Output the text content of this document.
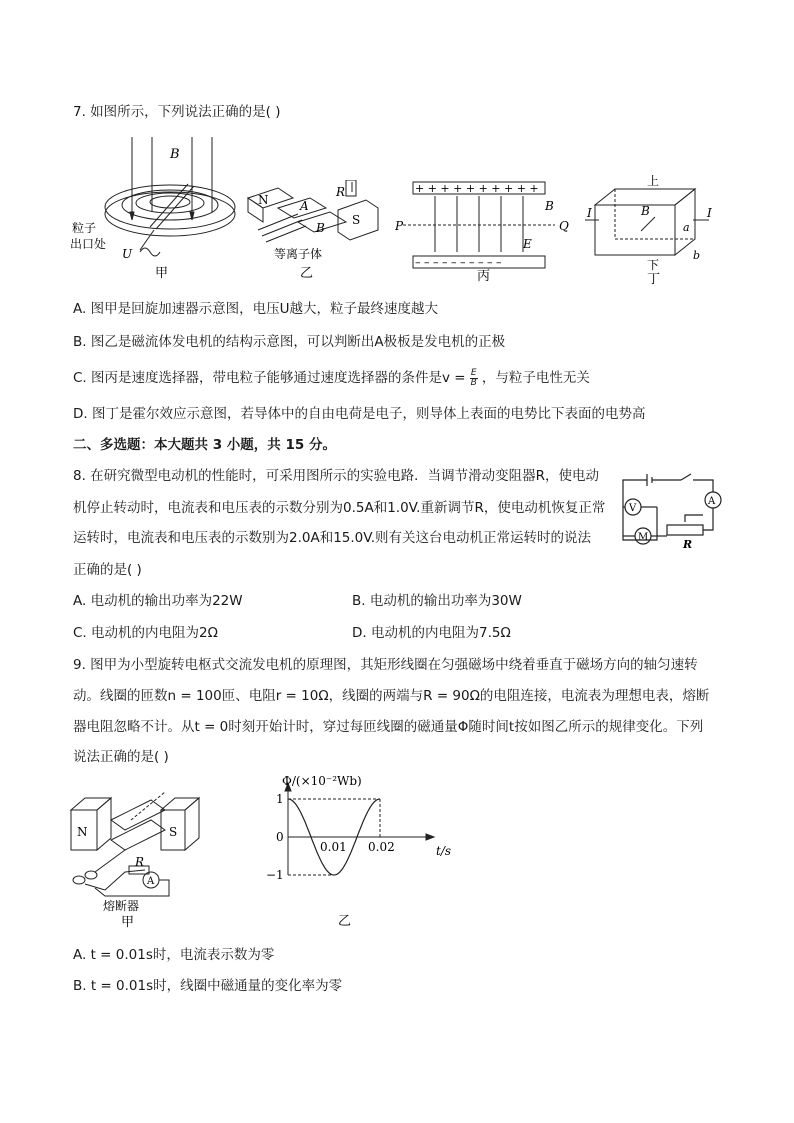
7. 如图所示，下列说法正确的是( )
B
粒子
出口处
U
甲
N	A
R
S
B
等离子体
乙
+ + + + + + + + + +
– – – – – – – – – –
P	Q
B
E
丙
上
I	I
B
a
b
下
丁
A. 图甲是回旋加速器示意图，电压U越大，粒子最终速度越大
B. 图乙是磁流体发电机的结构示意图，可以判断出A极板是发电机的正极
C. 图丙是速度选择器，带电粒子能够通过速度选择器的条件是$v = \frac{E}{B}$ ，与粒子电性无关
D. 图丁是霍尔效应示意图，若导体中的自由电荷是电子，则导体上表面的电势比下表面的电势高
二、多选题：本大题共 3 小题，共 15 分。
8. 在研究微型电动机的性能时，可采用图所示的实验电路．当调节滑动变阻器R，使电动
机停止转动时，电流表和电压表的示数分别为0.5A和1.0V.重新调节R，使电动机恢复正常
运转时，电流表和电压表的示数别为2.0A和15.0V.则有关这台电动机正常运转时的说法
正确的是( )
V
A
M
R
A. 电动机的输出功率为22W	B. 电动机的输出功率为30W
C. 电动机的内电阻为2Ω	D. 电动机的内电阻为7.5Ω
9. 图甲为小型旋转电枢式交流发电机的原理图，其矩形线圈在匀强磁场中绕着垂直于磁场方向的轴匀速转
动。线圈的匝数n = 100匝、电阻r = 10Ω，线圈的两端与R = 90Ω的电阻连接，电流表为理想电表，熔断
器电阻忽略不计。从t = 0时刻开始计时，穿过每匝线圈的磁通量Φ随时间t按如图乙所示的规律变化。下列
说法正确的是( )
N	S
R
A
熔断器
甲
Φ/(×10⁻²Wb)
t/s
1
0
−1
0.01 0.02
乙
A. t = 0.01s时，电流表示数为零
B. t = 0.01s时，线圈中磁通量的变化率为零
